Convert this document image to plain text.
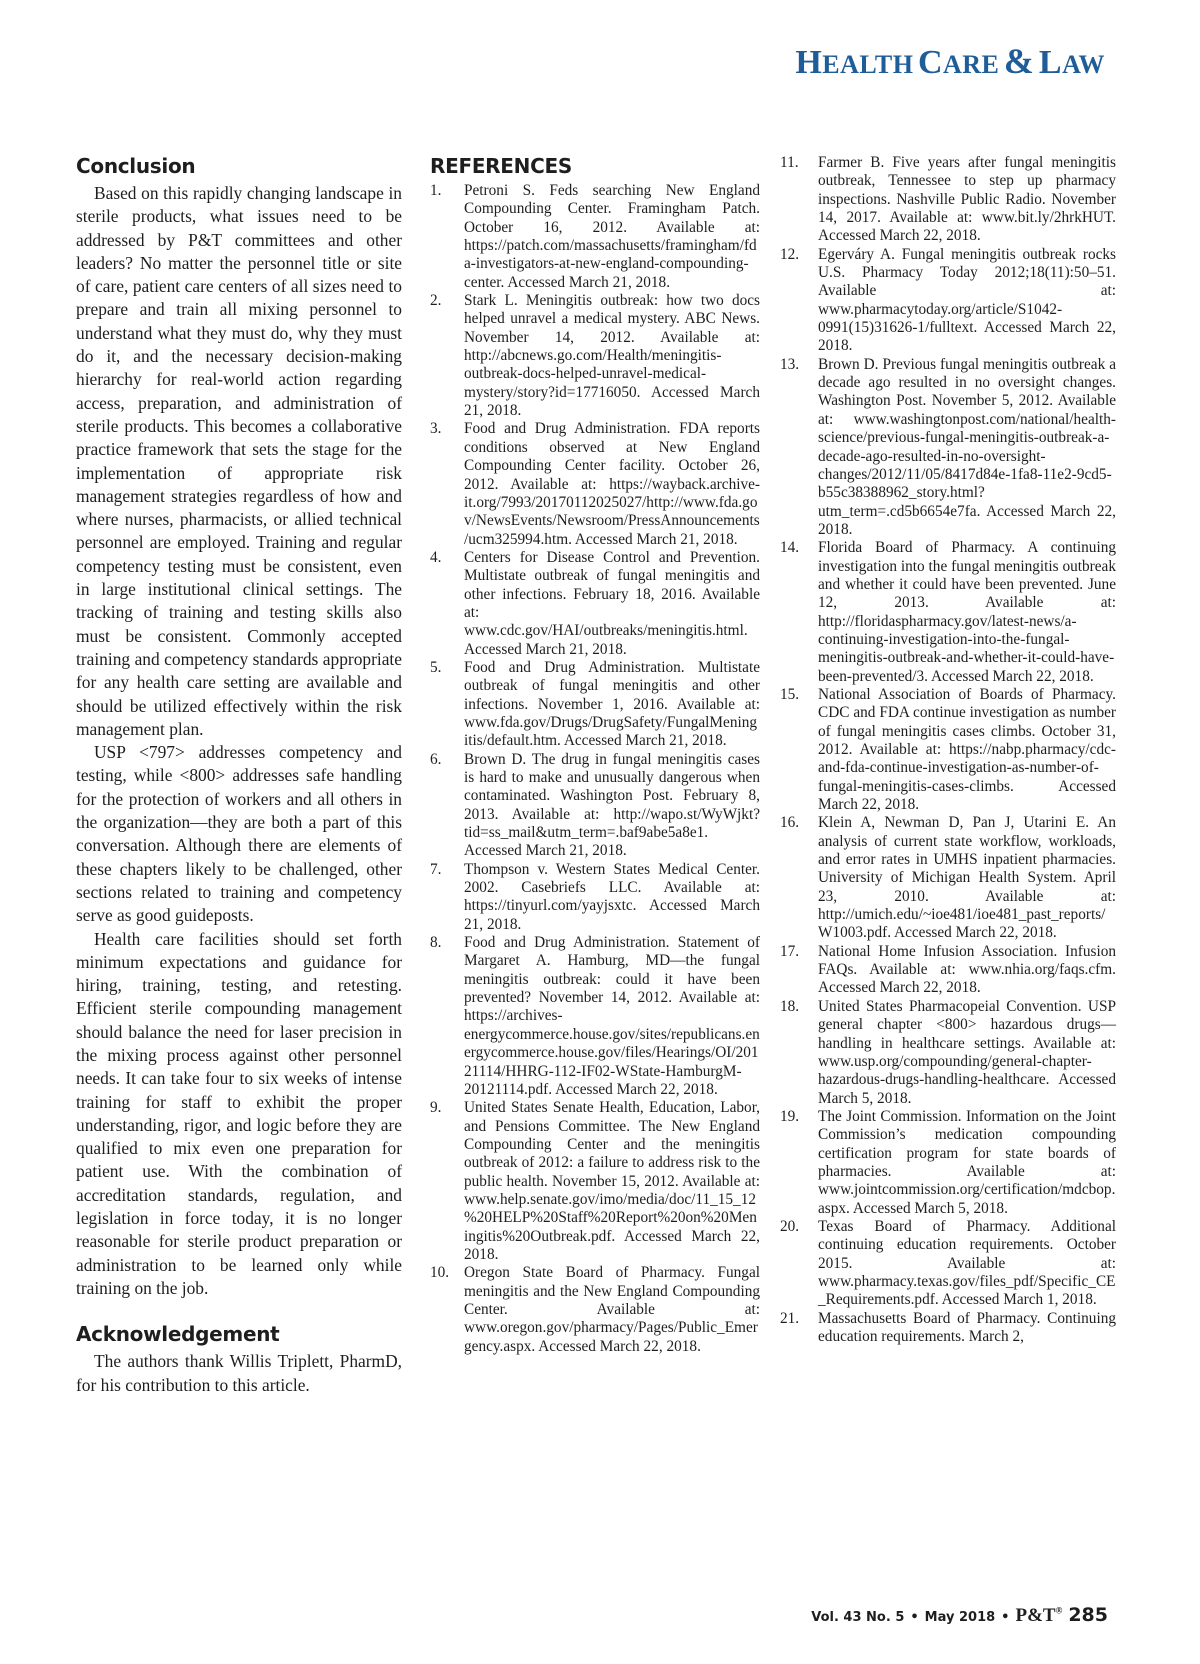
HEALTH CARE & LAW
Conclusion

Based on this rapidly changing landscape in sterile products, what issues need to be addressed by P&T committees and other leaders? No matter the personnel title or site of care, patient care centers of all sizes need to prepare and train all mixing personnel to understand what they must do, why they must do it, and the necessary decision-making hierarchy for real-world action regarding access, preparation, and administration of sterile products. This becomes a collaborative practice framework that sets the stage for the implementation of appropriate risk management strategies regardless of how and where nurses, pharmacists, or allied technical personnel are employed. Training and regular competency testing must be consistent, even in large institutional clinical settings. The tracking of training and testing skills also must be consistent. Commonly accepted training and competency standards appropriate for any health care setting are available and should be utilized effectively within the risk management plan.

USP <797> addresses competency and testing, while <800> addresses safe handling for the protection of workers and all others in the organization—they are both a part of this conversation. Although there are elements of these chapters likely to be challenged, other sections related to training and competency serve as good guideposts.

Health care facilities should set forth minimum expectations and guidance for hiring, training, testing, and retesting. Efficient sterile compounding management should balance the need for laser precision in the mixing process against other personnel needs. It can take four to six weeks of intense training for staff to exhibit the proper understanding, rigor, and logic before they are qualified to mix even one preparation for patient use. With the combination of accreditation standards, regulation, and legislation in force today, it is no longer reasonable for sterile product preparation or administration to be learned only while training on the job.

Acknowledgement

The authors thank Willis Triplett, PharmD, for his contribution to this article.

REFERENCES
1.	Petroni S. Feds searching New England Compounding Center. Framingham Patch. October 16, 2012. Available at: https://patch.com/massachusetts/framingham/fda-investigators-at-new-england-compounding-center. Accessed March 21, 2018.
2.	Stark L. Meningitis outbreak: how two docs helped unravel a medical mystery. ABC News. November 14, 2012. Available at: http://abcnews.go.com/Health/meningitis-outbreak-docs-helped-unravel-medical-mystery/story?id=17716050. Accessed March 21, 2018.
3.	Food and Drug Administration. FDA reports conditions observed at New England Compounding Center facility. October 26, 2012. Available at: https://wayback.archive-it.org/7993/20170112025027/http://www.fda.gov/NewsEvents/Newsroom/PressAnnouncements/ucm325994.htm. Accessed March 21, 2018.
4.	Centers for Disease Control and Prevention. Multistate outbreak of fungal meningitis and other infections. February 18, 2016. Available at: www.cdc.gov/HAI/outbreaks/meningitis.html. Accessed March 21, 2018.
5.	Food and Drug Administration. Multistate outbreak of fungal meningitis and other infections. November 1, 2016. Available at: www.fda.gov/Drugs/DrugSafety/FungalMeningitis/default.htm. Accessed March 21, 2018.
6.	Brown D. The drug in fungal meningitis cases is hard to make and unusually dangerous when contaminated. Washington Post. February 8, 2013. Available at: http://wapo.st/WyWjkt?tid=ss_mail&utm_term=.baf9abe5a8e1. Accessed March 21, 2018.
7.	Thompson v. Western States Medical Center. 2002. Casebriefs LLC. Available at: https://tinyurl.com/yayjsxtc. Accessed March 21, 2018.
8.	Food and Drug Administration. Statement of Margaret A. Hamburg, MD—the fungal meningitis outbreak: could it have been prevented? November 14, 2012. Available at: https://archives-energycommerce.house.gov/sites/republicans.energycommerce.house.gov/files/Hearings/OI/20121114/HHRG-112-IF02-WState-HamburgM-20121114.pdf. Accessed March 22, 2018.
9.	United States Senate Health, Education, Labor, and Pensions Committee. The New England Compounding Center and the meningitis outbreak of 2012: a failure to address risk to the public health. November 15, 2012. Available at: www.help.senate.gov/imo/media/doc/11_15_12%20HELP%20Staff%20Report%20on%20Meningitis%20Outbreak.pdf. Accessed March 22, 2018.
10. Oregon State Board of Pharmacy. Fungal meningitis and the New England Compounding Center. Available at: www.oregon.gov/pharmacy/Pages/Public_Emergency.aspx. Accessed March 22, 2018.
11.	Farmer B. Five years after fungal meningitis outbreak, Tennessee to step up pharmacy inspections. Nashville Public Radio. November 14, 2017. Available at: www.bit.ly/2hrkHUT. Accessed March 22, 2018.
12.	Egerváry A. Fungal meningitis outbreak rocks U.S. Pharmacy Today 2012;18(11):50–51. Available at: www.pharmacytoday.org/article/S1042-0991(15)31626-1/fulltext. Accessed March 22, 2018.
13.	Brown D. Previous fungal meningitis outbreak a decade ago resulted in no oversight changes. Washington Post. November 5, 2012. Available at: www.washingtonpost.com/national/health-science/previous-fungal-meningitis-outbreak-a-decade-ago-resulted-in-no-oversight-changes/2012/11/05/8417d84e-1fa8-11e2-9cd5-b55c38388962_story.html?utm_term=.cd5b6654e7fa. Accessed March 22, 2018.
14.	Florida Board of Pharmacy. A continuing investigation into the fungal meningitis outbreak and whether it could have been prevented. June 12, 2013. Available at: http://floridaspharmacy.gov/latest-news/a-continuing-investigation-into-the-fungal-meningitis-outbreak-and-whether-it-could-have-been-prevented/3. Accessed March 22, 2018.
15.	National Association of Boards of Pharmacy. CDC and FDA continue investigation as number of fungal meningitis cases climbs. October 31, 2012. Available at: https://nabp.pharmacy/cdc-and-fda-continue-investigation-as-number-of-fungal-meningitis-cases-climbs. Accessed March 22, 2018.
16.	Klein A, Newman D, Pan J, Utarini E. An analysis of current state workflow, workloads, and error rates in UMHS inpatient pharmacies. University of Michigan Health System. April 23, 2010. Available at: http://umich.edu/~ioe481/ioe481_past_reports/W1003.pdf. Accessed March 22, 2018.
17.	National Home Infusion Association. Infusion FAQs. Available at: www.nhia.org/faqs.cfm. Accessed March 22, 2018.
18.	United States Pharmacopeial Convention. USP general chapter <800> hazardous drugs—handling in healthcare settings. Available at: www.usp.org/compounding/general-chapter-hazardous-drugs-handling-healthcare. Accessed March 5, 2018.
19.	The Joint Commission. Information on the Joint Commission’s medication compounding certification program for state boards of pharmacies. Available at: www.jointcommission.org/certification/mdcbop.aspx. Accessed March 5, 2018.
20.	Texas Board of Pharmacy. Additional continuing education requirements. October 2015. Available at: www.pharmacy.texas.gov/files_pdf/Specific_CE_Requirements.pdf. Accessed March 1, 2018.
21.	Massachusetts Board of Pharmacy. Continuing education requirements. March 2,
Vol. 43 No. 5 • May 2018 • P&T® 285
